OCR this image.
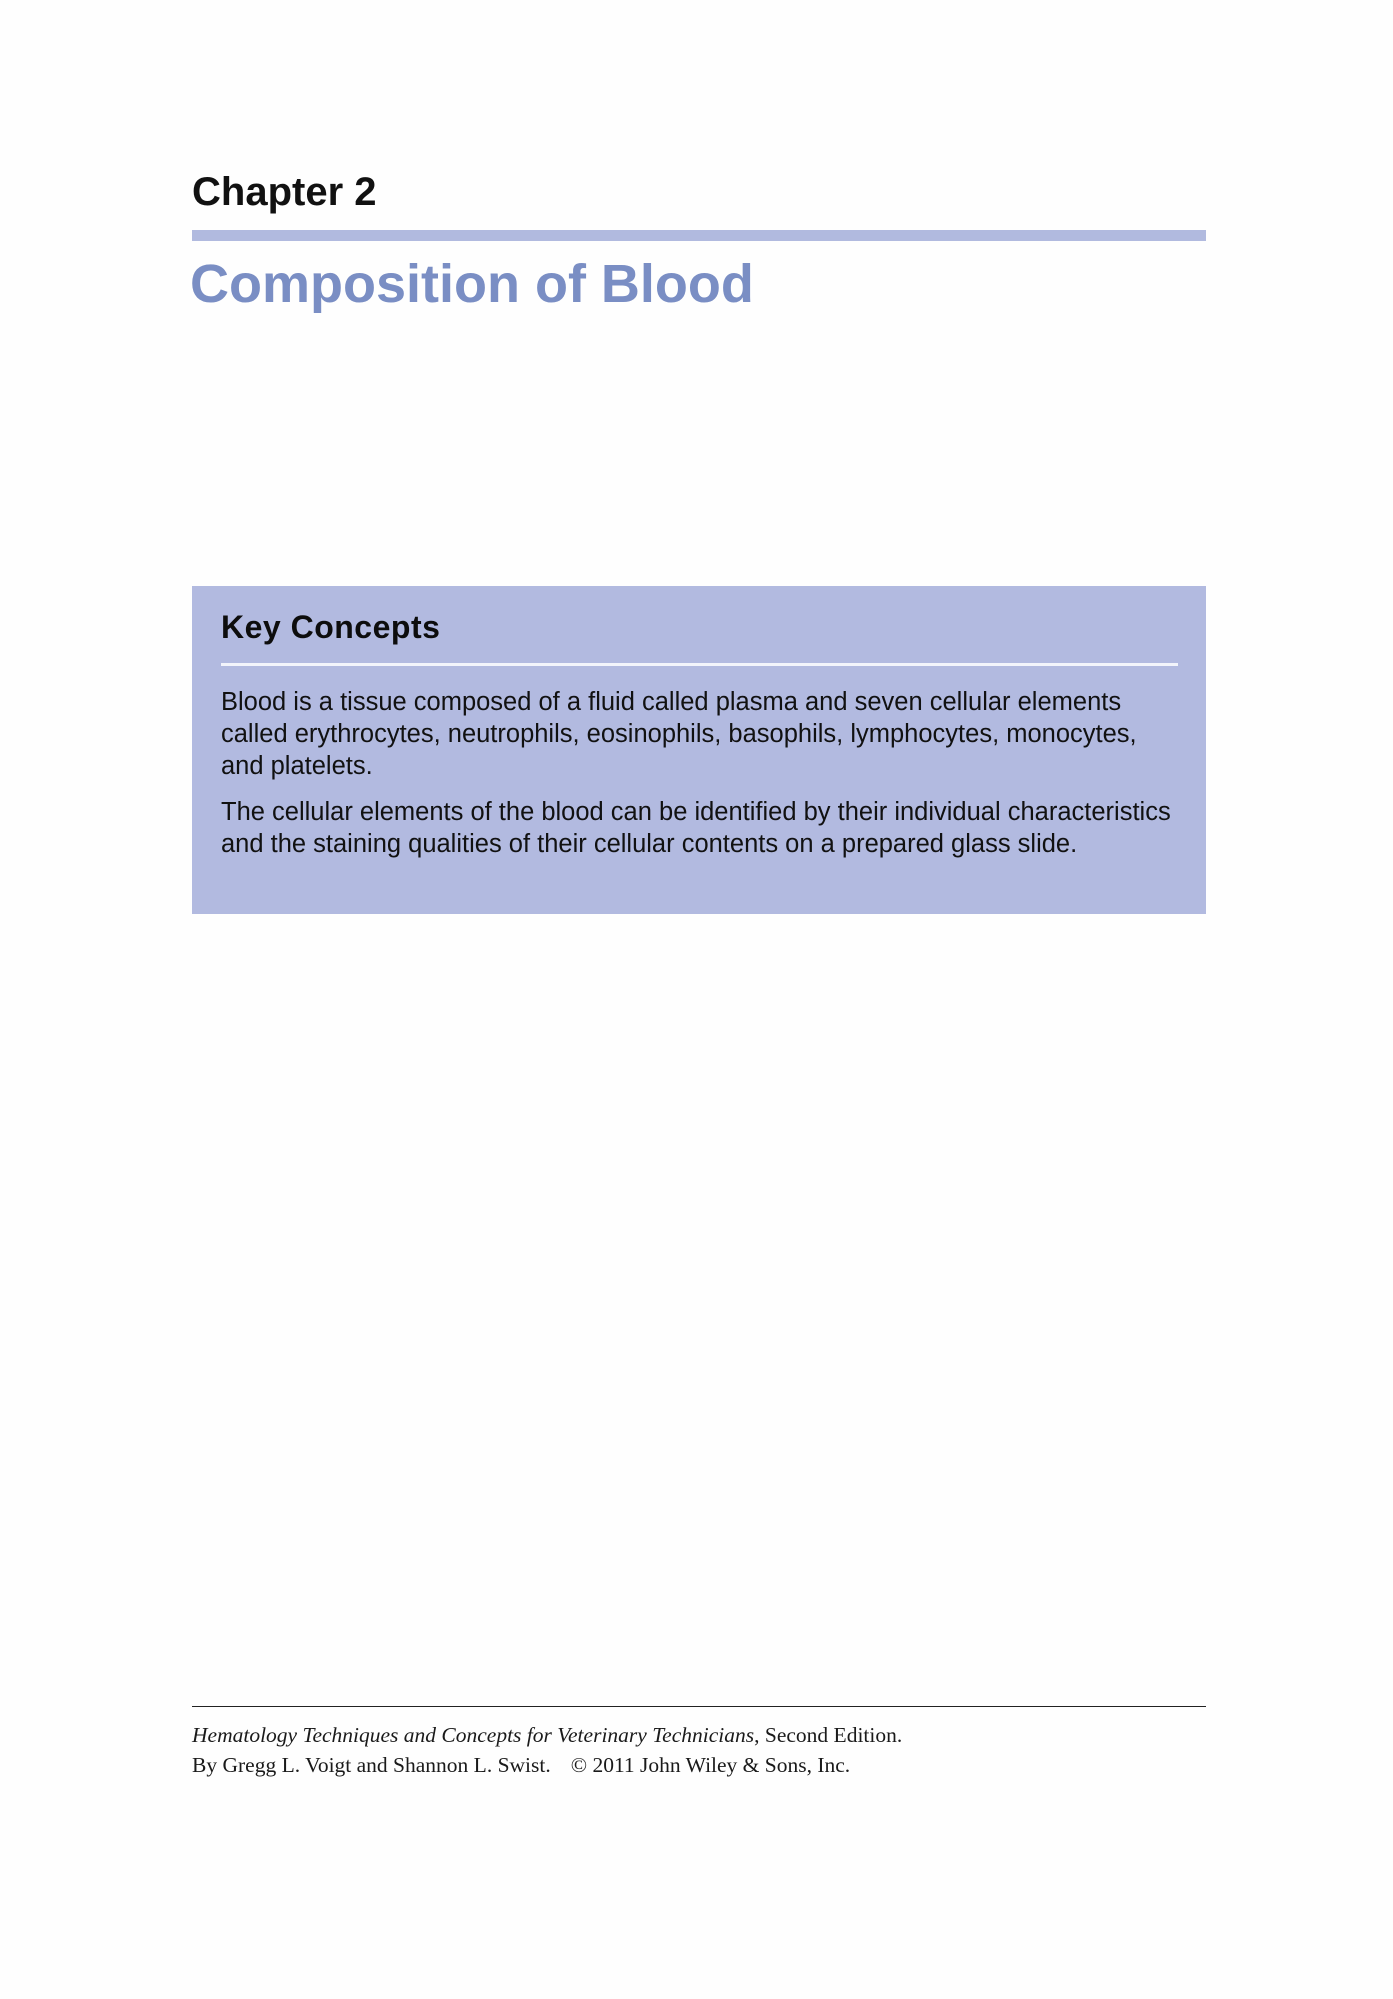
Chapter 2
Composition of Blood
Key Concepts

Blood is a tissue composed of a fluid called plasma and seven cellular elements called erythrocytes, neutrophils, eosinophils, basophils, lymphocytes, monocytes, and platelets.

The cellular elements of the blood can be identified by their individual characteristics and the staining qualities of their cellular contents on a prepared glass slide.

Hematology Techniques and Concepts for Veterinary Technicians, Second Edition.
By Gregg L. Voigt and Shannon L. Swist. © 2011 John Wiley & Sons, Inc.
